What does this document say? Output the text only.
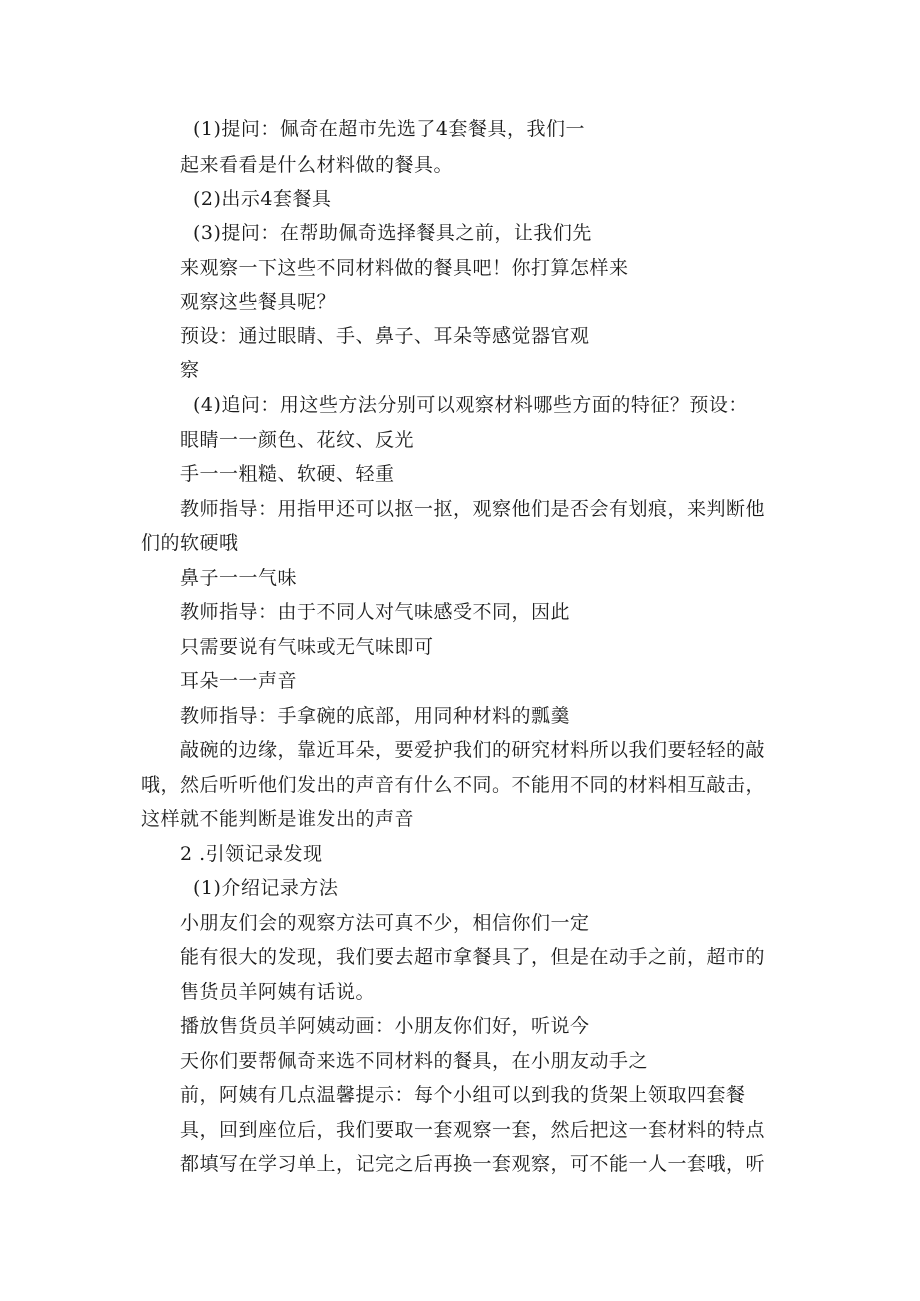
(1)提问：佩奇在超市先选了4套餐具，我们一
起来看看是什么材料做的餐具。
(2)出示4套餐具
(3)提问：在帮助佩奇选择餐具之前，让我们先
来观察一下这些不同材料做的餐具吧！你打算怎样来
观察这些餐具呢？
预设：通过眼睛、手、鼻子、耳朵等感觉器官观
察
(4)追问：用这些方法分别可以观察材料哪些方面的特征？预设：
眼睛一一颜色、花纹、反光
手一一粗糙、软硬、轻重
教师指导：用指甲还可以抠一抠，观察他们是否会有划痕，来判断他
们的软硬哦
鼻子一一气味
教师指导：由于不同人对气味感受不同，因此
只需要说有气味或无气味即可
耳朵一一声音
教师指导：手拿碗的底部，用同种材料的瓢羹
敲碗的边缘，靠近耳朵，要爱护我们的研究材料所以我们要轻轻的敲
哦，然后听听他们发出的声音有什么不同。不能用不同的材料相互敲击，
这样就不能判断是谁发出的声音
2 .引领记录发现
(1)介绍记录方法
小朋友们会的观察方法可真不少，相信你们一定
能有很大的发现，我们要去超市拿餐具了，但是在动手之前，超市的
售货员羊阿姨有话说。
播放售货员羊阿姨动画：小朋友你们好，听说今
天你们要帮佩奇来选不同材料的餐具，在小朋友动手之
前，阿姨有几点温馨提示：每个小组可以到我的货架上领取四套餐
具，回到座位后，我们要取一套观察一套，然后把这一套材料的特点
都填写在学习单上，记完之后再换一套观察，可不能一人一套哦，听
